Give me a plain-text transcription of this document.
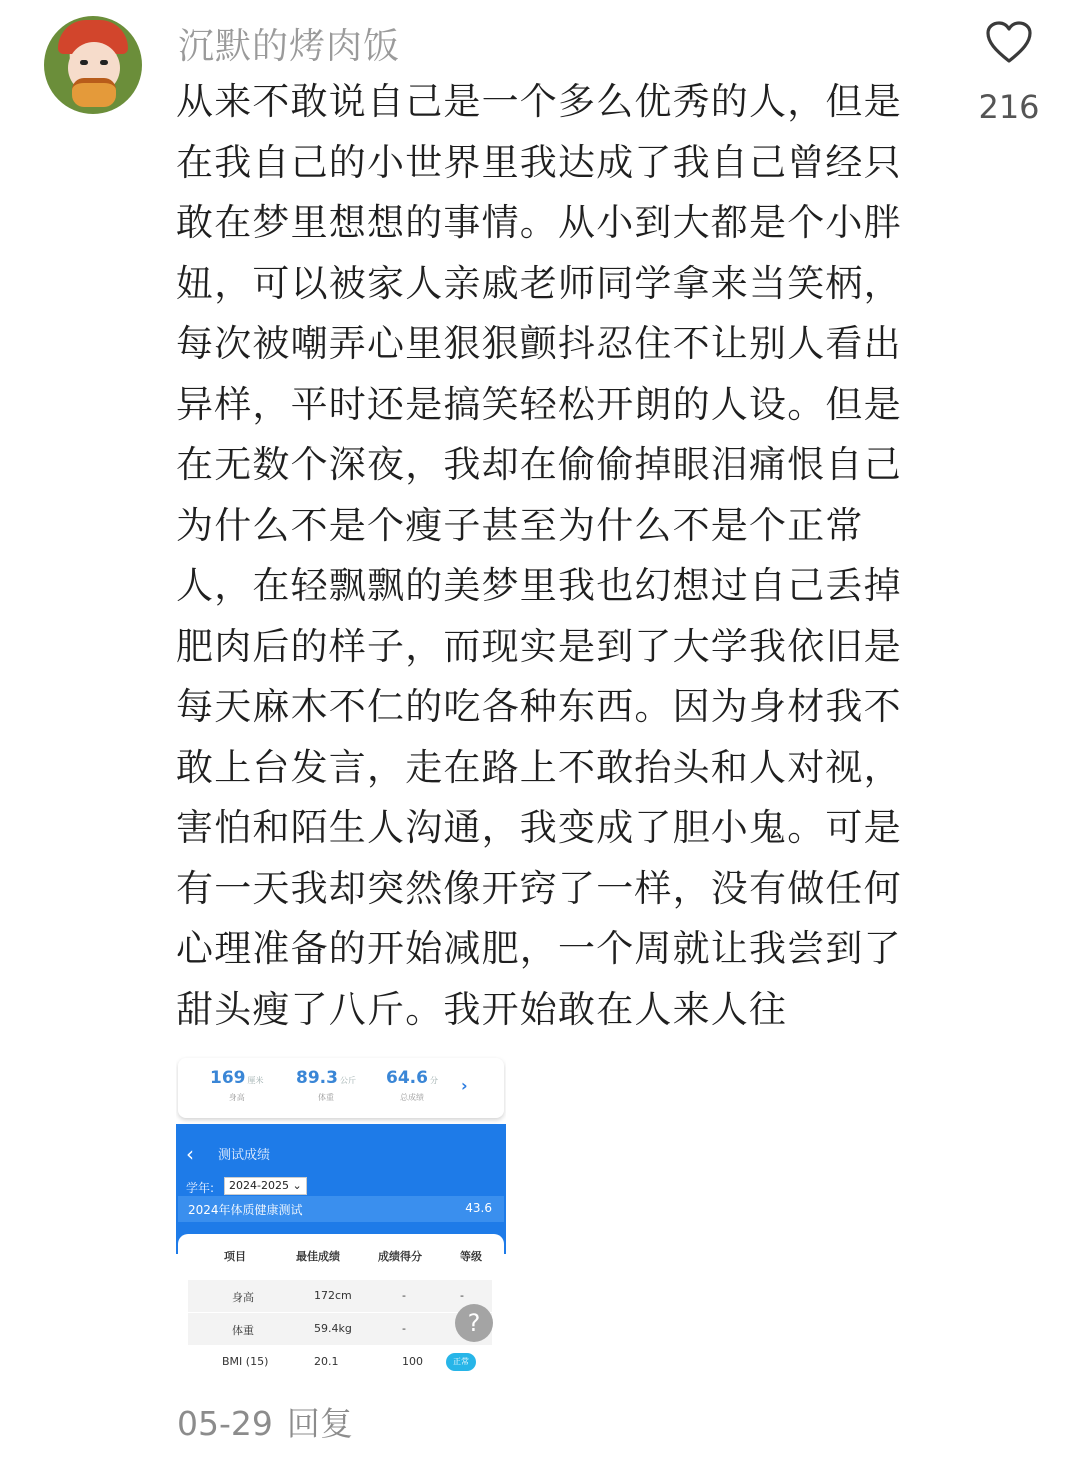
沉默的烤肉饭

从来不敢说自己是一个多么优秀的人，但是在我自己的小世界里我达成了我自己曾经只敢在梦里想想的事情。从小到大都是个小胖妞，可以被家人亲戚老师同学拿来当笑柄，每次被嘲弄心里狠狠颤抖忍住不让别人看出异样，平时还是搞笑轻松开朗的人设。但是在无数个深夜，我却在偷偷掉眼泪痛恨自己为什么不是个瘦子甚至为什么不是个正常人，在轻飘飘的美梦里我也幻想过自己丢掉肥肉后的样子，而现实是到了大学我依旧是每天麻木不仁的吃各种东西。因为身材我不敢上台发言，走在路上不敢抬头和人对视，害怕和陌生人沟通，我变成了胆小鬼。可是有一天我却突然像开窍了一样，没有做任何心理准备的开始减肥，一个周就让我尝到了甜头瘦了八斤。我开始敢在人来人往

216
169 厘米
身高
89.3 公斤
体重
64.6 分
总成绩
›
‹ 测试成绩
学年:	2024-2025 ⌄
2024年体质健康测试	43.6
项目	最佳成绩	成绩得分	等级
身高	172cm	-	-
体重	59.4kg	-
BMI (15)	20.1	100	正常
?
05-29 回复
